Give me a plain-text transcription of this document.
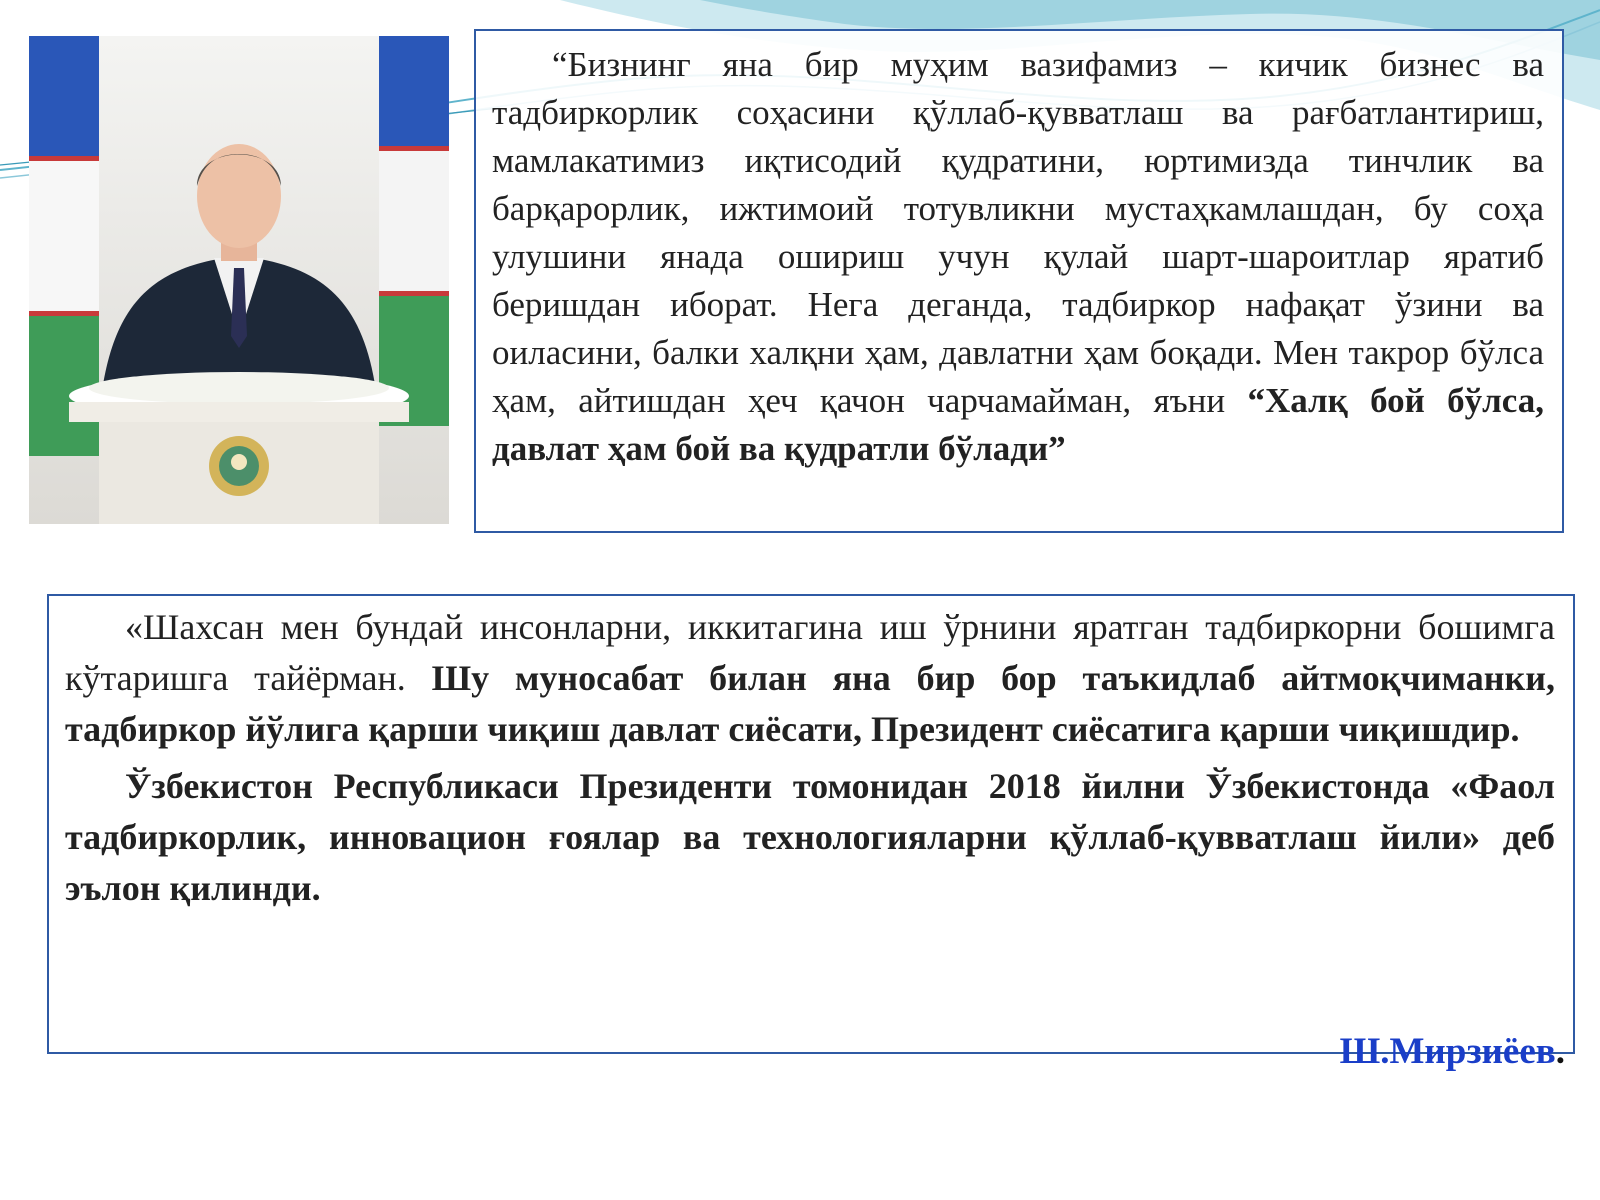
“Бизнинг яна бир муҳим вазифамиз – кичик бизнес ва тадбиркорлик соҳасини қўллаб-қувватлаш ва рағбатлантириш, мамлакатимиз иқтисодий қудратини, юртимизда тинчлик ва барқарорлик, ижтимоий тотувликни мустаҳкамлашдан, бу соҳа улушини янада ошириш учун қулай шарт-шароитлар яратиб беришдан иборат. Нега деганда, тадбиркор нафақат ўзини ва оиласини, балки халқни ҳам, давлатни ҳам боқади. Мен такрор бўлса ҳам, айтишдан ҳеч қачон чарчамайман, яъни “Халқ бой бўлса, давлат ҳам бой ва қудратли бўлади”

«Шахсан мен бундай инсонларни, иккитагина иш ўрнини яратган тадбиркорни бошимга кўтаришга тайёрман. Шу муносабат билан яна бир бор таъкидлаб айтмоқчиманки, тадбиркор йўлига қарши чиқиш давлат сиёсати, Президент сиёсатига қарши чиқишдир.

Ўзбекистон Республикаси Президенти томонидан 2018 йилни Ўзбекистонда «Фаол тадбиркорлик, инновацион ғоялар ва технологияларни қўллаб-қувватлаш йили» деб эълон қилинди.

Ш.Мирзиёев.
